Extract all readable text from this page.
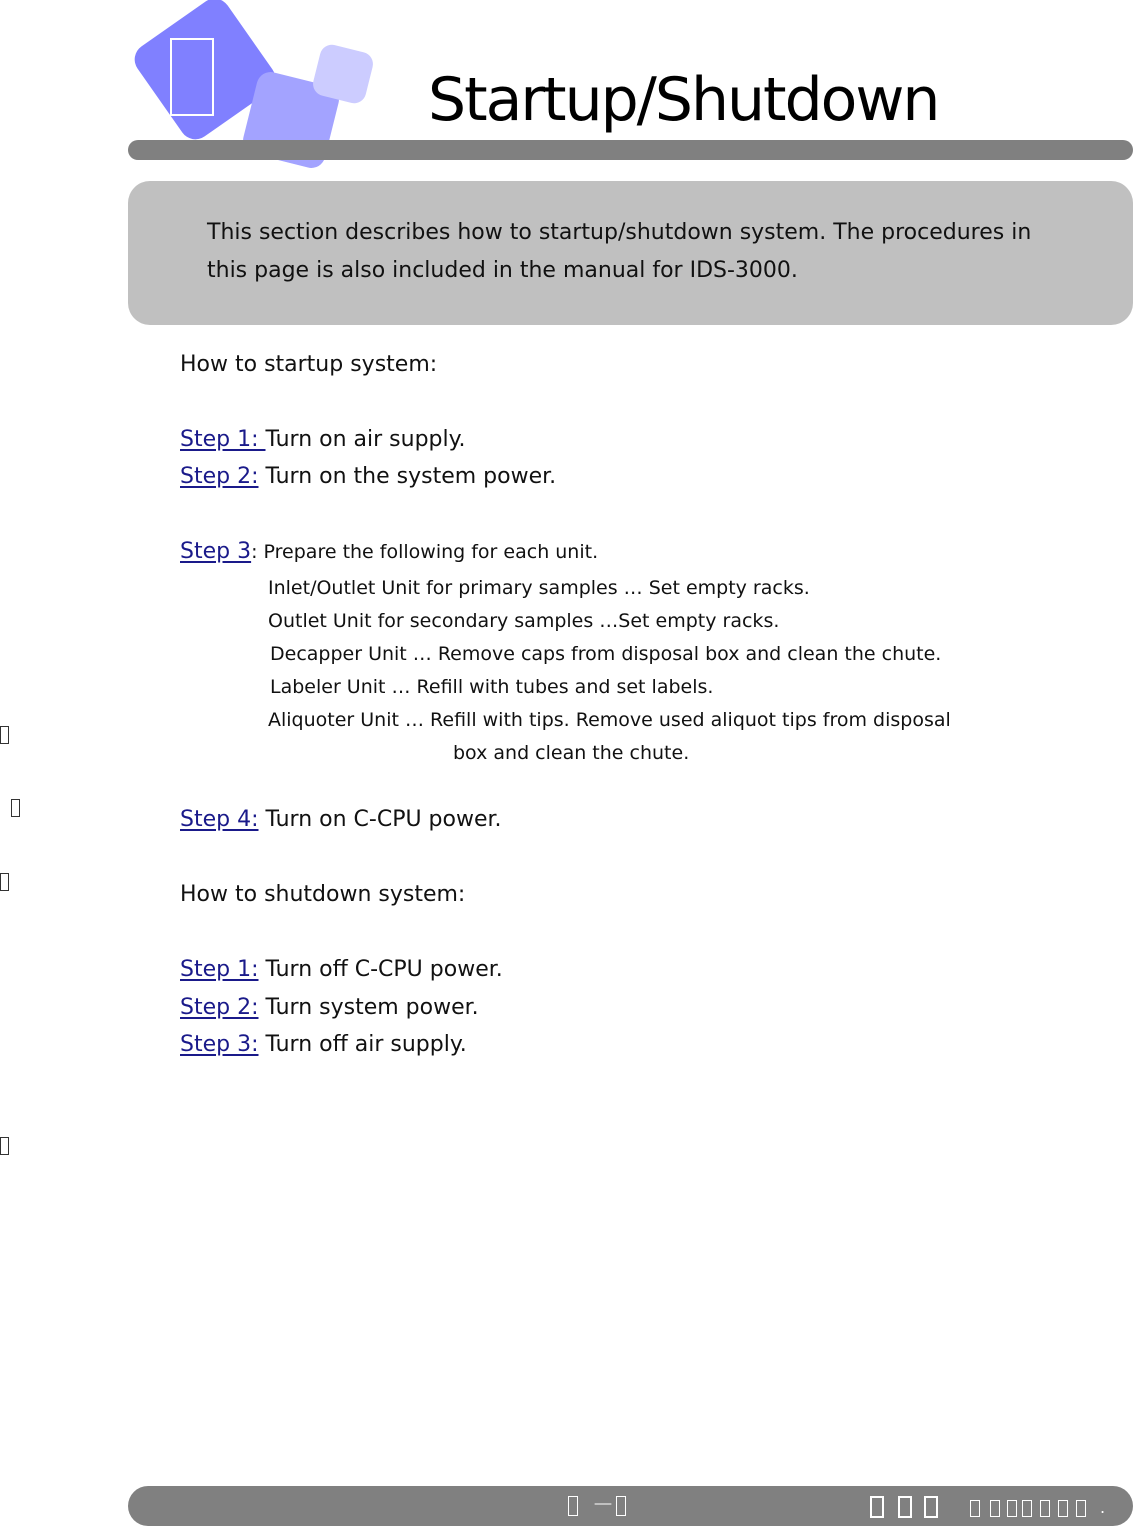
Startup/Shutdown
This section describes how to startup/shutdown system. The procedures in
this page is also included in the manual for IDS-3000.
How to startup system:
Step 1: Turn on air supply.
Step 2: Turn on the system power.
Step 3: Prepare the following for each unit.
Inlet/Outlet Unit for primary samples … Set empty racks.
Outlet Unit for secondary samples …Set empty racks.
Decapper Unit … Remove caps from disposal box and clean the chute.
Labeler Unit … Refill with tubes and set labels.
Aliquoter Unit … Refill with tips. Remove used aliquot tips from disposal
box and clean the chute.
Step 4: Turn on C-CPU power.
How to shutdown system:
Step 1: Turn off C-CPU power.
Step 2: Turn system power.
Step 3: Turn off air supply.
－	.
